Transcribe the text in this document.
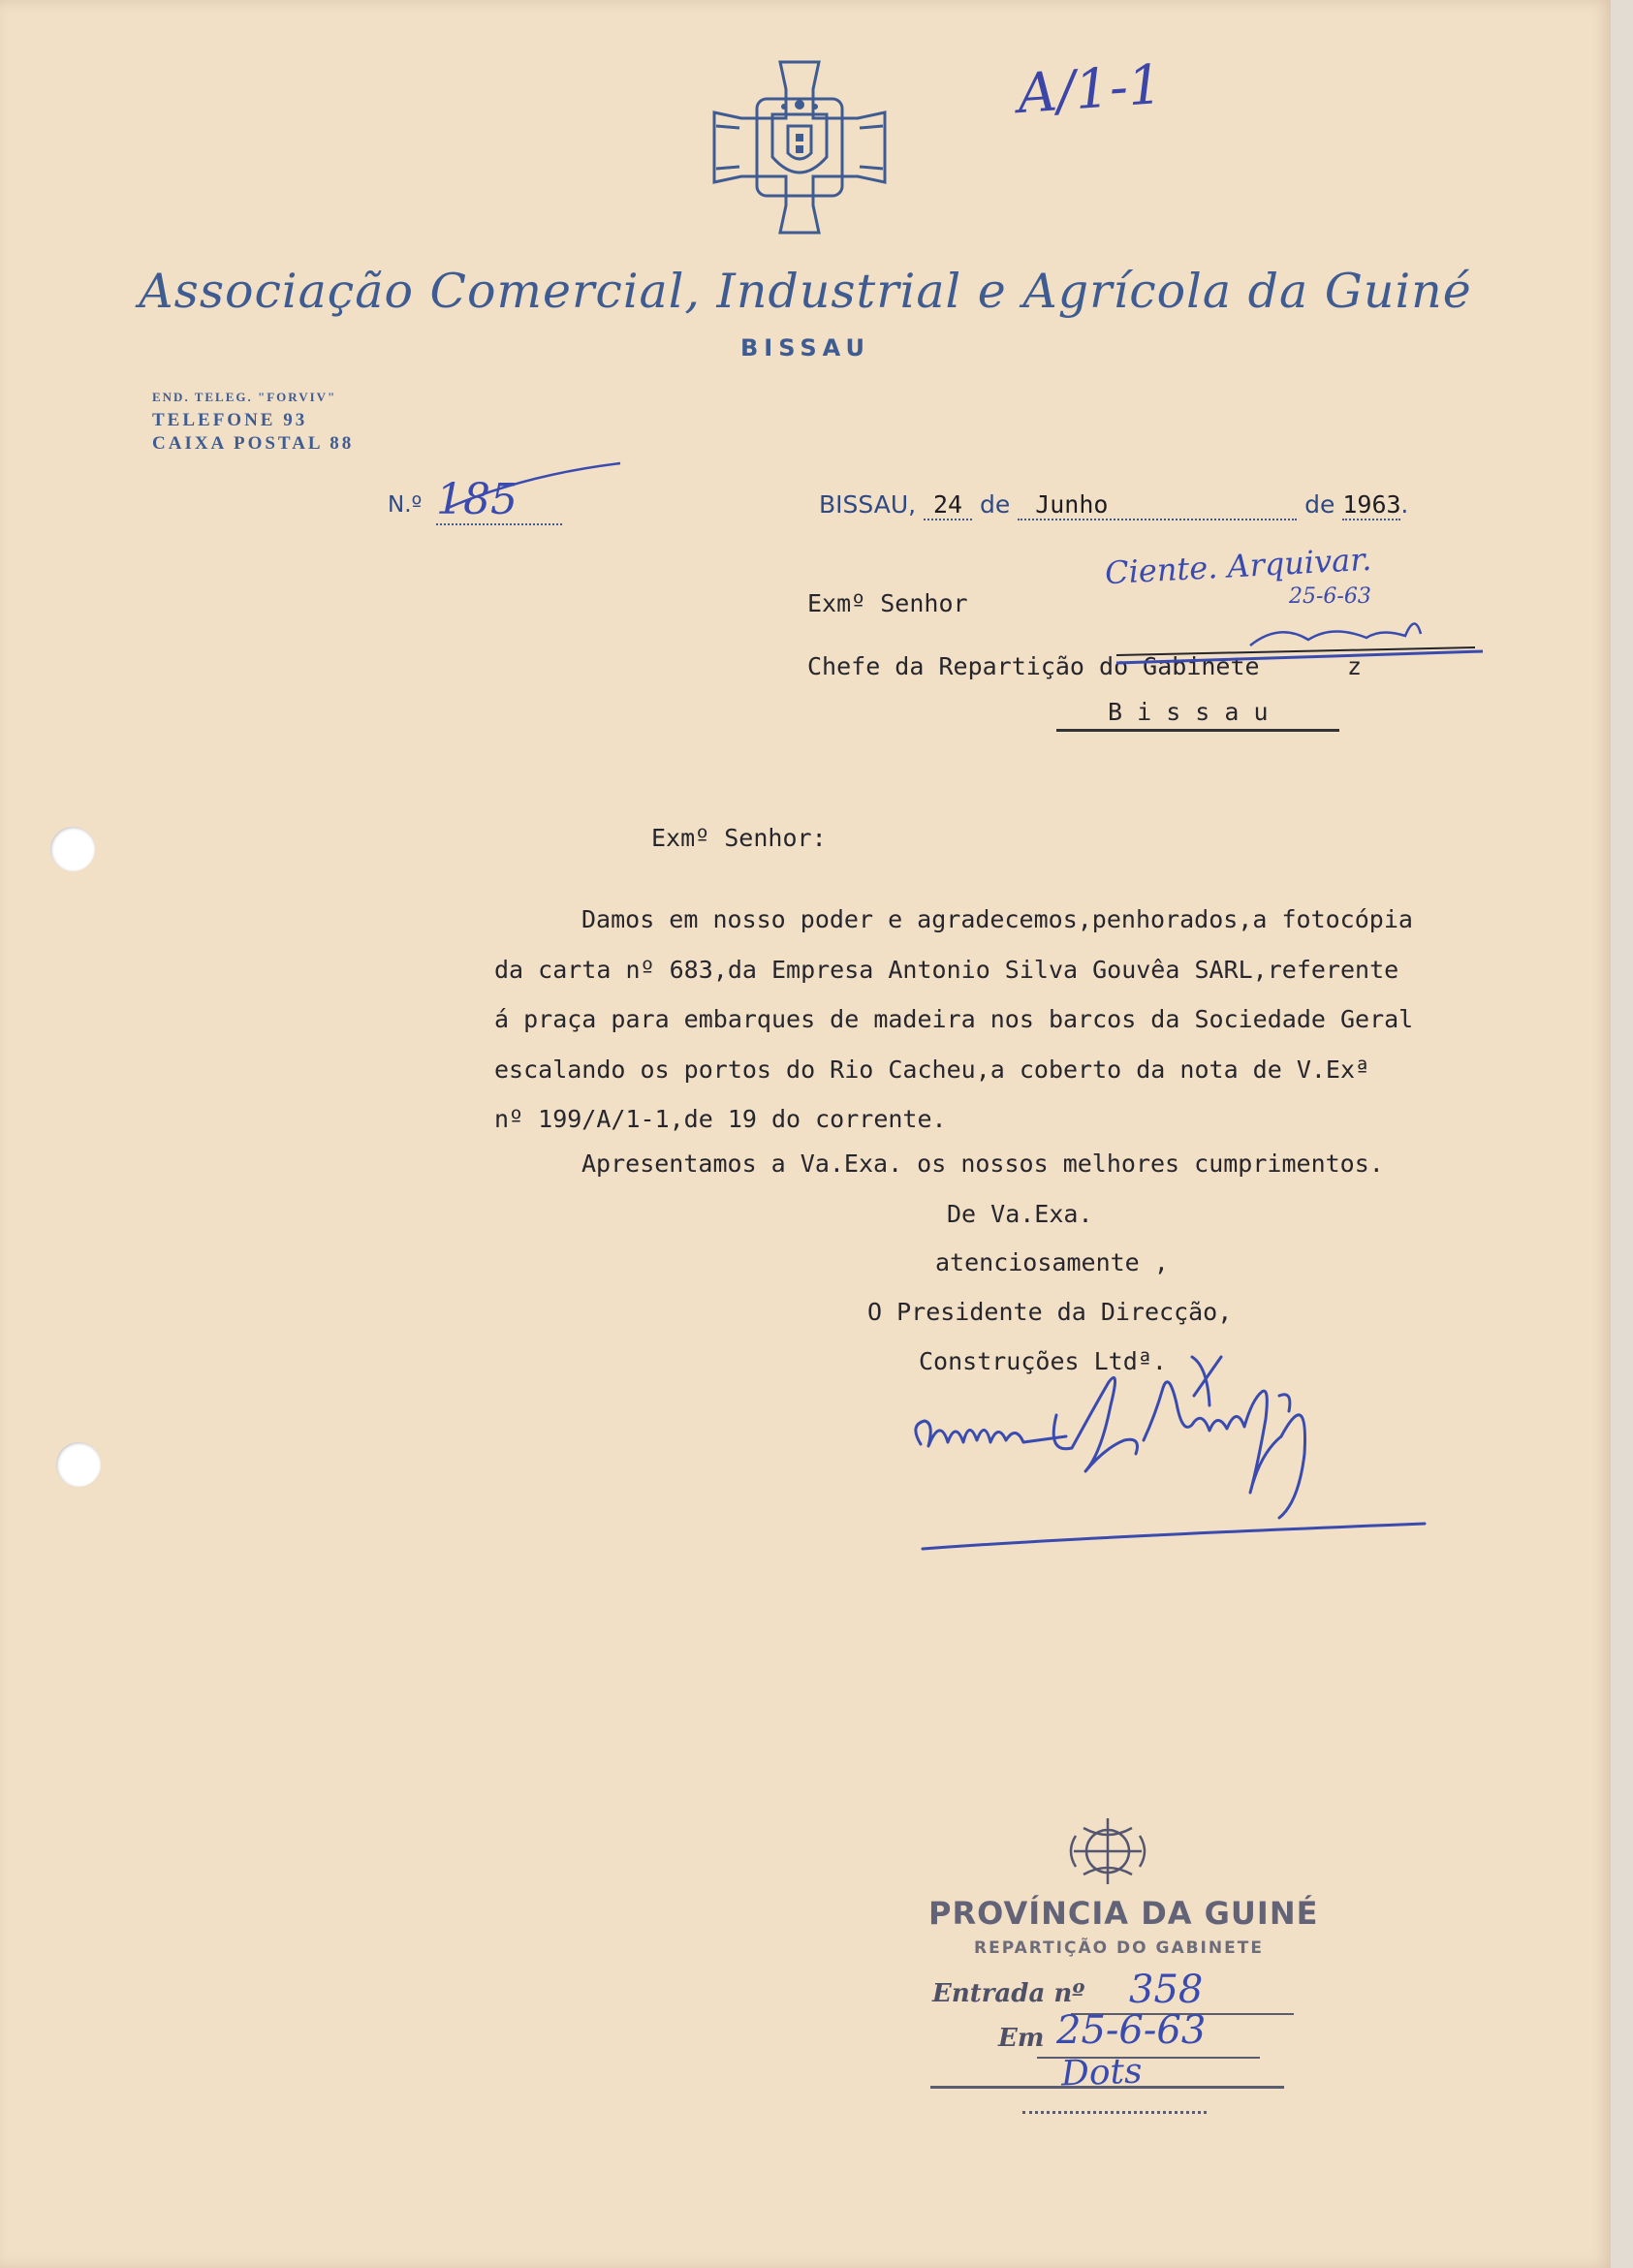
A/1-1
Associação Comercial, Industrial e Agrícola da Guiné
BISSAU
END. TELEG. "FORVIV"
TELEFONE 93
CAIXA POSTAL 88
N.º 185	BISSAU, 24 de Junho	de 1963.
Ciente. Arquivar.
25-6-63
Exmº Senhor
Chefe da Repartição do Gabinete	z
B i s s a u
Exmº Senhor:
Damos em nosso poder e agradecemos,penhorados,a fotocópia
da carta nº 683,da Empresa Antonio Silva Gouvêa SARL,referente
á praça para embarques de madeira nos barcos da Sociedade Geral
escalando os portos do Rio Cacheu,a coberto da nota de V.Exª
nº 199/A/1-1,de 19 do corrente.
Apresentamos a Va.Exa. os nossos melhores cumprimentos.
De Va.Exa.
atenciosamente ,
O Presidente da Direcção,
Construções Ltdª.
PROVÍNCIA DA GUINÉ
REPARTIÇÃO DO GABINETE
Entrada nº 358
Em 25-6-63
Dots
